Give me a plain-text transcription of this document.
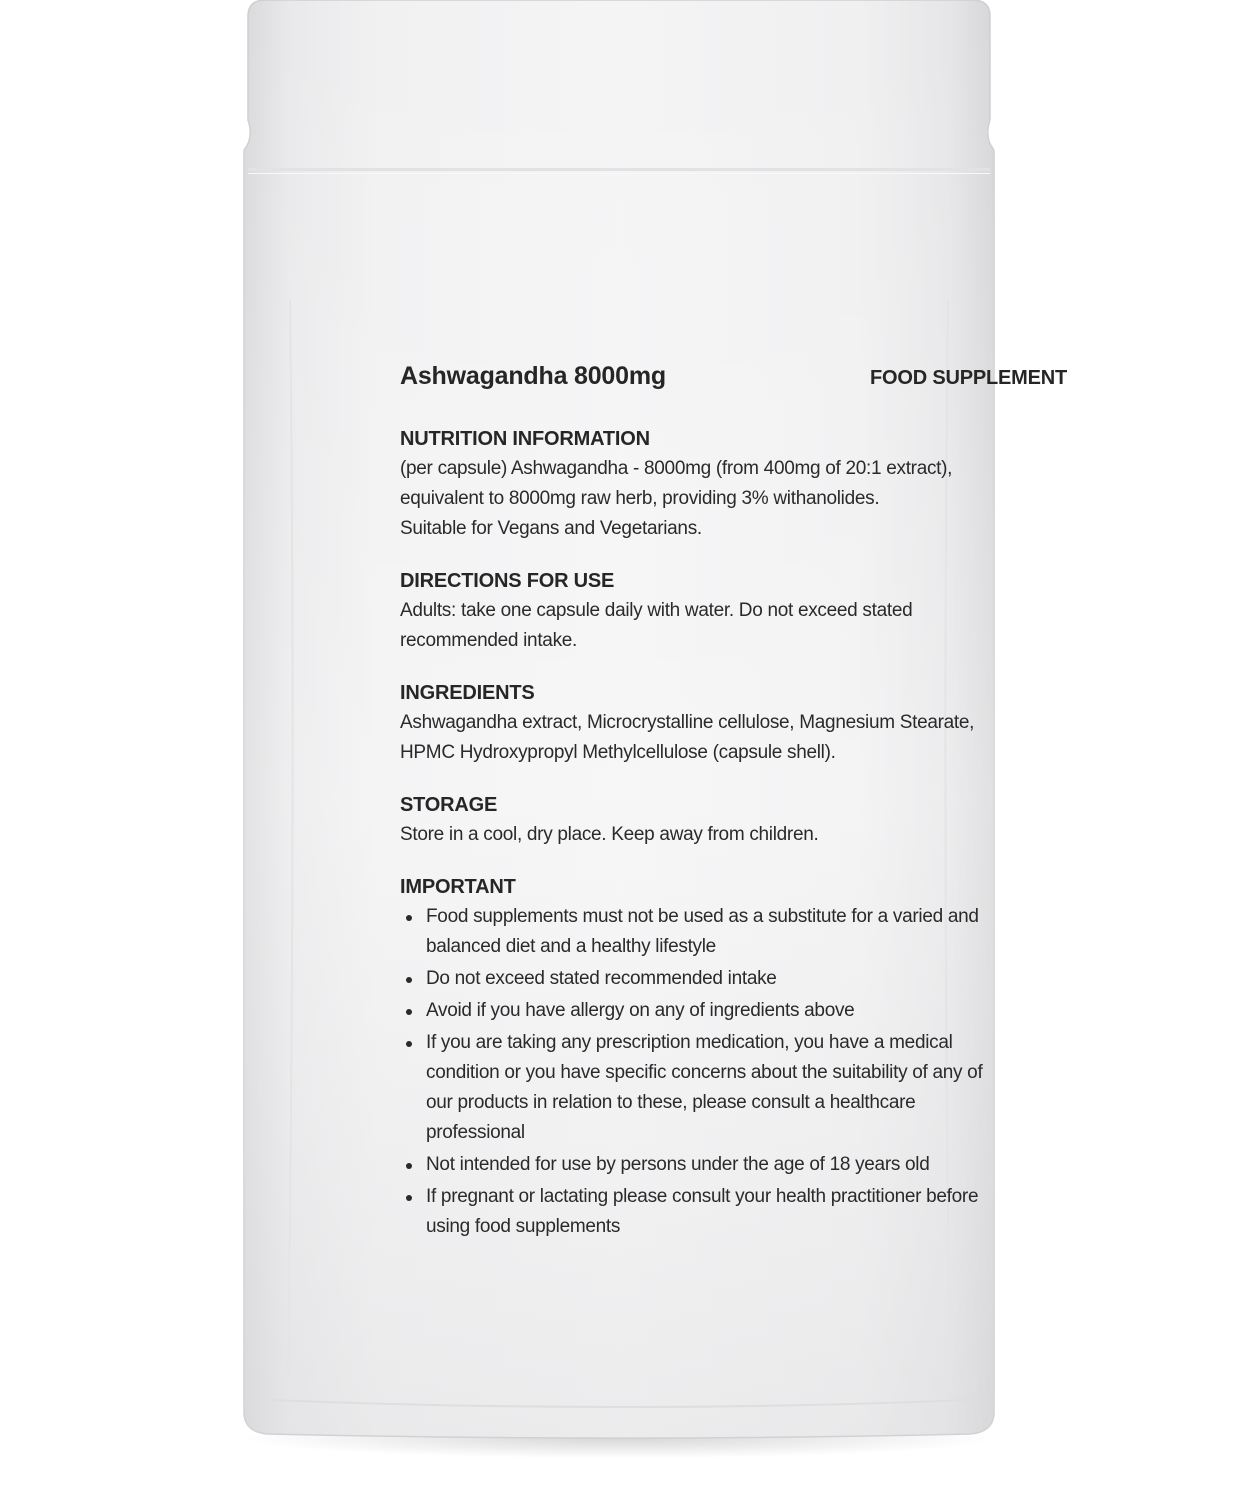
Ashwagandha 8000mg	FOOD SUPPLEMENT
NUTRITION INFORMATION
(per capsule) Ashwagandha - 8000mg (from 400mg of 20:1 extract),
equivalent to 8000mg raw herb, providing 3% withanolides.
Suitable for Vegans and Vegetarians.
DIRECTIONS FOR USE
Adults: take one capsule daily with water. Do not exceed stated
recommended intake.
INGREDIENTS
Ashwagandha extract, Microcrystalline cellulose, Magnesium Stearate,
HPMC Hydroxypropyl Methylcellulose (capsule shell).
STORAGE
Store in a cool, dry place. Keep away from children.
IMPORTANT
Food supplements must not be used as a substitute for a varied and
balanced diet and a healthy lifestyle
Do not exceed stated recommended intake
Avoid if you have allergy on any of ingredients above
If you are taking any prescription medication, you have a medical
condition or you have specific concerns about the suitability of any of
our products in relation to these, please consult a healthcare
professional
Not intended for use by persons under the age of 18 years old
If pregnant or lactating please consult your health practitioner before
using food supplements
